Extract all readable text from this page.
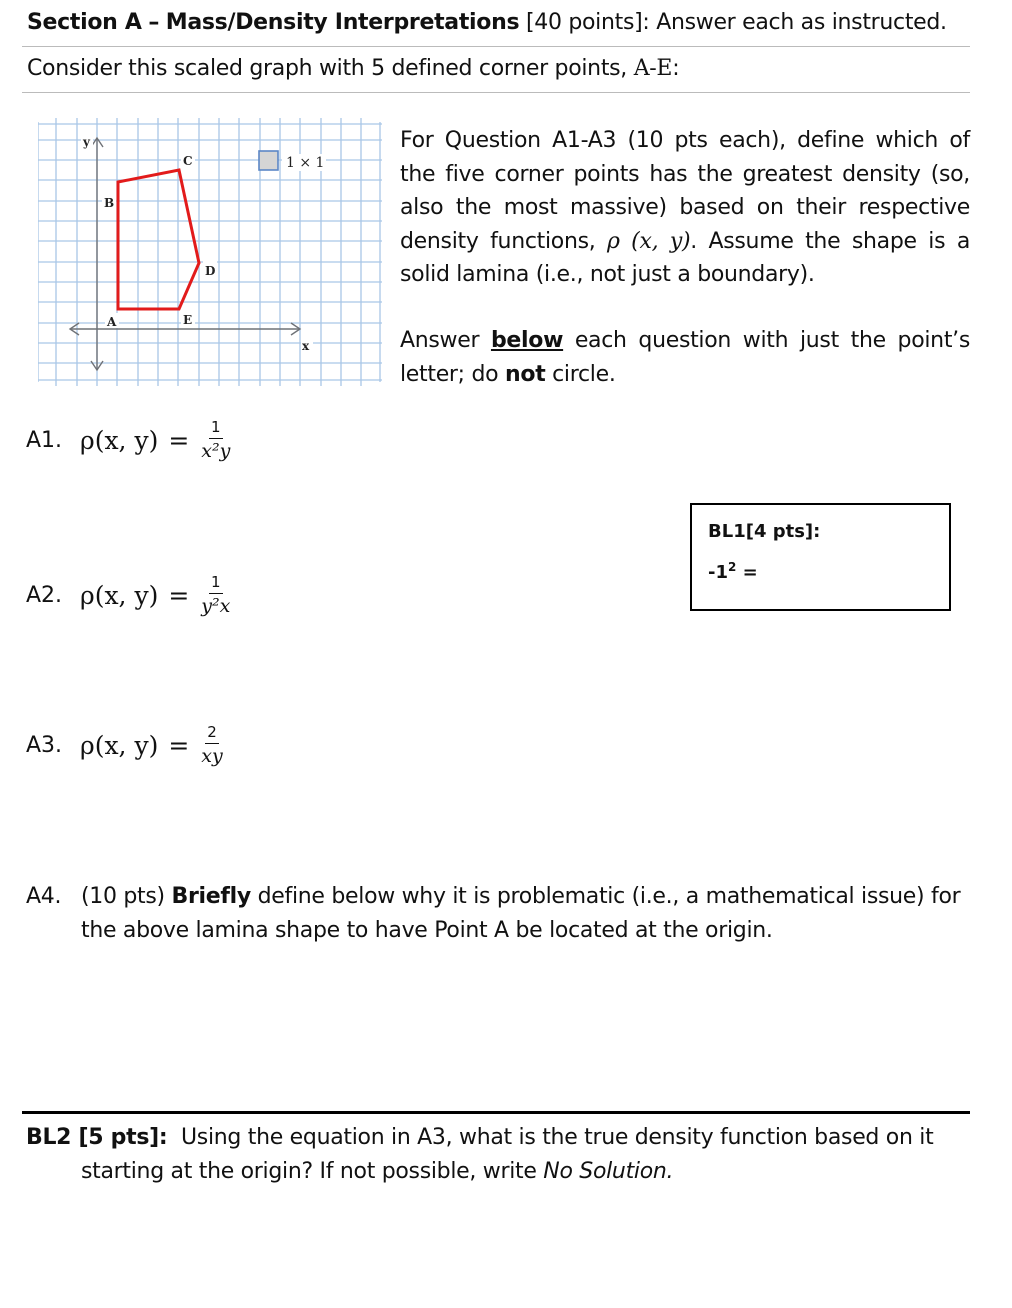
Section A – Mass/Density Interpretations [40 points]: Answer each as instructed.
Consider this scaled graph with 5 defined corner points, A-E:
y
B
C
D
A	E
x
1 × 1
For Question A1-A3 (10 pts each), define which of the five corner points has the greatest density (so, also the most massive) based on their respective density functions, ρ (x, y). Assume the shape is a solid lamina (i.e., not just a boundary).
Answer below each question with just the point’s letter; do not circle.
A1. ρ(x, $y) = \frac{1}{\text{x²y}}$
A2. ρ(x, $y) = \frac{1}{\text{y²x}}$
A3. ρ(x, $y) = \frac{2}{xy}$
BL1[4 pts]:
$-1^2$ =
A4. (10 pts) Briefly define below why it is problematic (i.e., a mathematical issue) for the above lamina shape to have Point A be located at the origin.
BL2 [5 pts]: Using the equation in A3, what is the true density function based on it
starting at the origin? If not possible, write No Solution.
